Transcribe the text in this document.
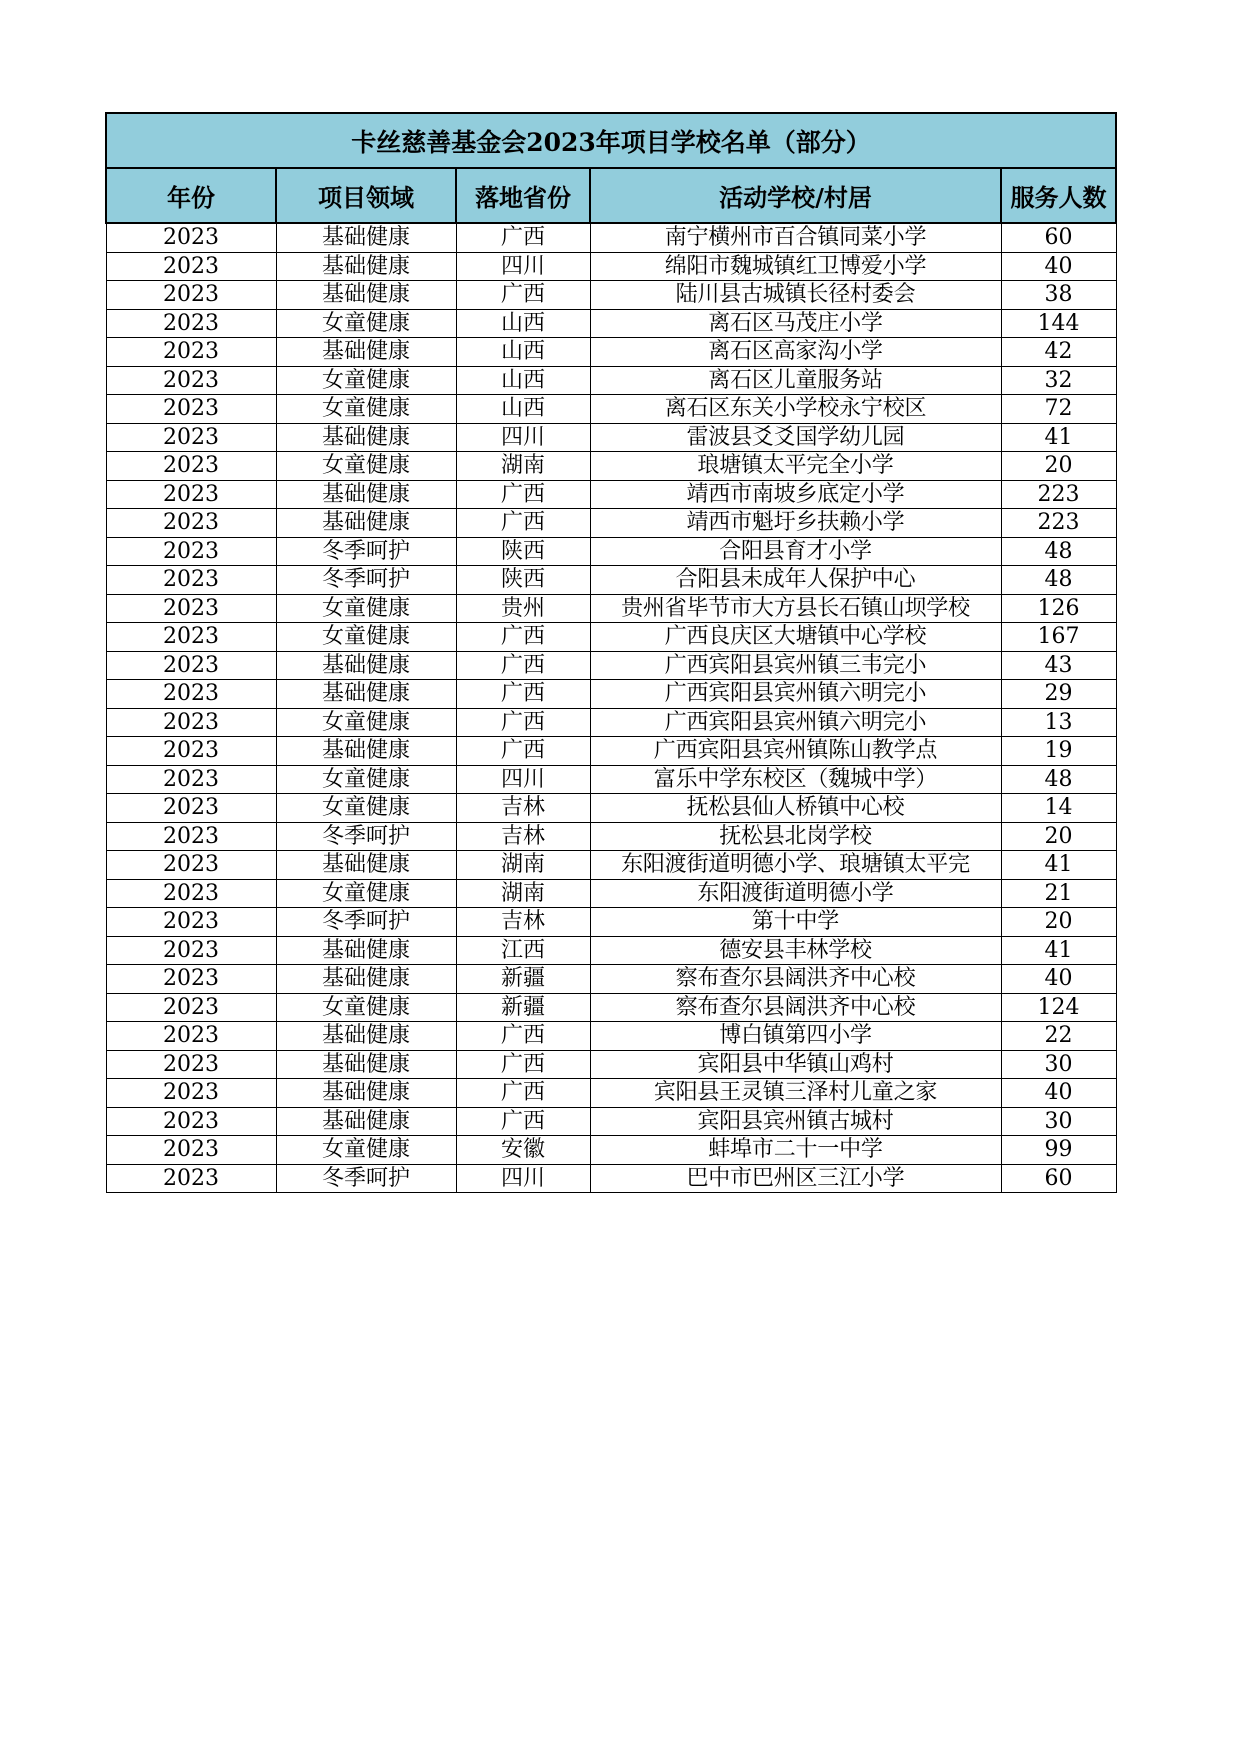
卡丝慈善基金会2023年项目学校名单（部分）				
年份	项目领域	落地省份	活动学校/村居	服务人数
2023	基础健康	广西	南宁横州市百合镇同菜小学	60
2023	基础健康	四川	绵阳市魏城镇红卫博爱小学	40
2023	基础健康	广西	陆川县古城镇长径村委会	38
2023	女童健康	山西	离石区马茂庄小学	144
2023	基础健康	山西	离石区高家沟小学	42
2023	女童健康	山西	离石区儿童服务站	32
2023	女童健康	山西	离石区东关小学校永宁校区	72
2023	基础健康	四川	雷波县爻爻国学幼儿园	41
2023	女童健康	湖南	琅塘镇太平完全小学	20
2023	基础健康	广西	靖西市南坡乡底定小学	223
2023	基础健康	广西	靖西市魁圩乡扶赖小学	223
2023	冬季呵护	陕西	合阳县育才小学	48
2023	冬季呵护	陕西	合阳县未成年人保护中心	48
2023	女童健康	贵州	贵州省毕节市大方县长石镇山坝学校	126
2023	女童健康	广西	广西良庆区大塘镇中心学校	167
2023	基础健康	广西	广西宾阳县宾州镇三韦完小	43
2023	基础健康	广西	广西宾阳县宾州镇六明完小	29
2023	女童健康	广西	广西宾阳县宾州镇六明完小	13
2023	基础健康	广西	广西宾阳县宾州镇陈山教学点	19
2023	女童健康	四川	富乐中学东校区（魏城中学）	48
2023	女童健康	吉林	抚松县仙人桥镇中心校	14
2023	冬季呵护	吉林	抚松县北岗学校	20
2023	基础健康	湖南	东阳渡街道明德小学、琅塘镇太平完	41
2023	女童健康	湖南	东阳渡街道明德小学	21
2023	冬季呵护	吉林	第十中学	20
2023	基础健康	江西	德安县丰林学校	41
2023	基础健康	新疆	察布查尔县阔洪齐中心校	40
2023	女童健康	新疆	察布查尔县阔洪齐中心校	124
2023	基础健康	广西	博白镇第四小学	22
2023	基础健康	广西	宾阳县中华镇山鸡村	30
2023	基础健康	广西	宾阳县王灵镇三泽村儿童之家	40
2023	基础健康	广西	宾阳县宾州镇古城村	30
2023	女童健康	安徽	蚌埠市二十一中学	99
2023	冬季呵护	四川	巴中市巴州区三江小学	60
